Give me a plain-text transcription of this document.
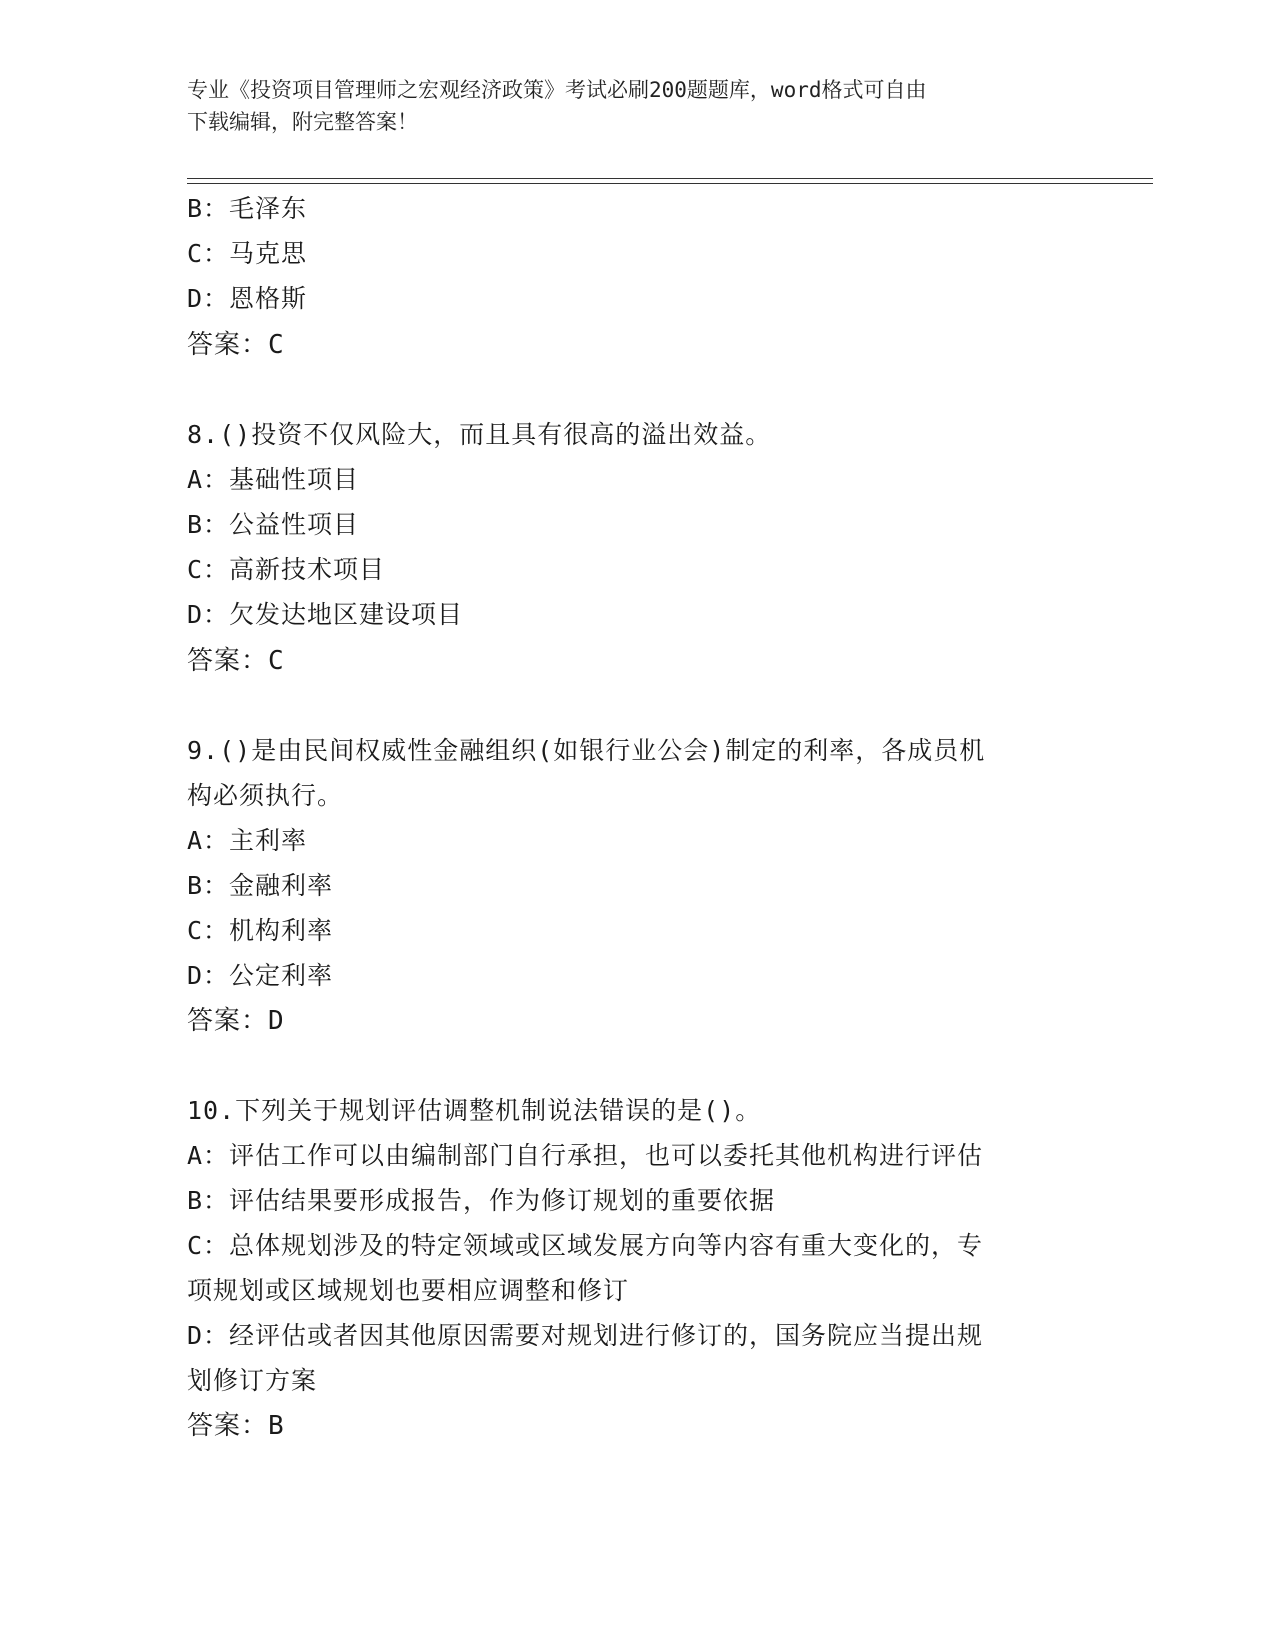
专业《投资项目管理师之宏观经济政策》考试必刷200题题库，word格式可自由
下载编辑，附完整答案！
B：毛泽东
C：马克思
D：恩格斯
答案：C
8.()投资不仅风险大，而且具有很高的溢出效益。
A：基础性项目
B：公益性项目
C：高新技术项目
D：欠发达地区建设项目
答案：C
9.()是由民间权威性金融组织(如银行业公会)制定的利率，各成员机
构必须执行。
A：主利率
B：金融利率
C：机构利率
D：公定利率
答案：D
10.下列关于规划评估调整机制说法错误的是()。
A：评估工作可以由编制部门自行承担，也可以委托其他机构进行评估
B：评估结果要形成报告，作为修订规划的重要依据
C：总体规划涉及的特定领域或区域发展方向等内容有重大变化的，专
项规划或区域规划也要相应调整和修订
D：经评估或者因其他原因需要对规划进行修订的，国务院应当提出规
划修订方案
答案：B
